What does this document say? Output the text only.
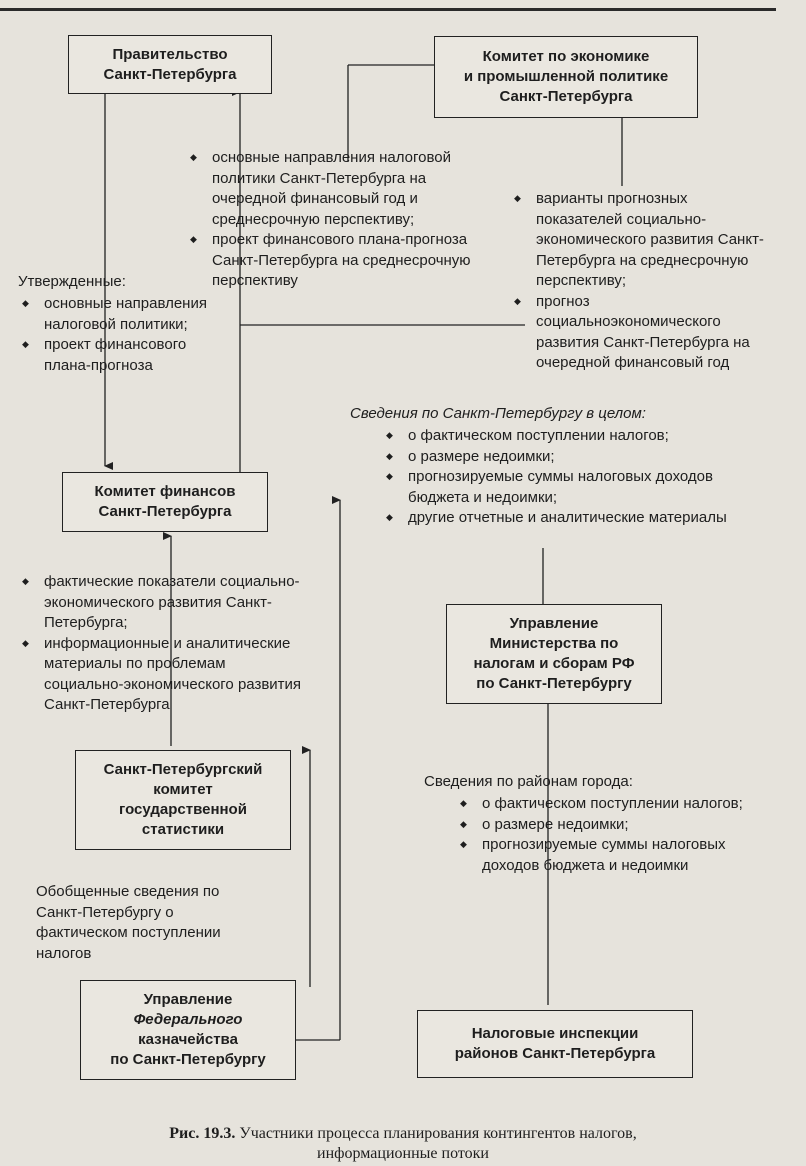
Правительство
Санкт-Петербурга
Комитет по экономике
и промышленной политике
Санкт-Петербурга
Комитет финансов
Санкт-Петербурга
Управление
Министерства по
налогам и сборам РФ
по Санкт-Петербургу
Санкт-Петербургский
комитет
государственной
статистики
Управление
Федерального
казначейства
по Санкт-Петербургу
Налоговые инспекции
районов Санкт-Петербурга
◆ основные направления налоговой политики Санкт-Петербурга на очередной финансовый год и среднесрочную перспективу;
◆ проект финансового плана-прогноза Санкт-Петербурга на среднесрочную перспективу
Утвержденные:
◆ основные направления налоговой политики;
◆ проект финансового плана-прогноза
◆ варианты прогнозных показателей социально-экономического развития Санкт-Петербурга на среднесрочную перспективу;
◆ прогноз социальноэкономического развития Санкт-Петербурга на очередной финансовый год
Сведения по Санкт-Петербургу в целом:
◆ о фактическом поступлении налогов;
◆ о размере недоимки;
◆ прогнозируемые суммы налоговых доходов бюджета и недоимки;
◆ другие отчетные и аналитические материалы
◆ фактические показатели социально-экономического развития Санкт-Петербурга;
◆ информационные и аналитические материалы по проблемам социально-экономического развития Санкт-Петербурга
Сведения по районам города:
◆ о фактическом поступлении налогов;
◆ о размере недоимки;
◆ прогнозируемые суммы налоговых доходов бюджета и недоимки
Обобщенные сведения по Санкт-Петербургу о фактическом поступлении налогов
Рис. 19.3. Участники процесса планирования контингентов налогов,
информационные потоки
